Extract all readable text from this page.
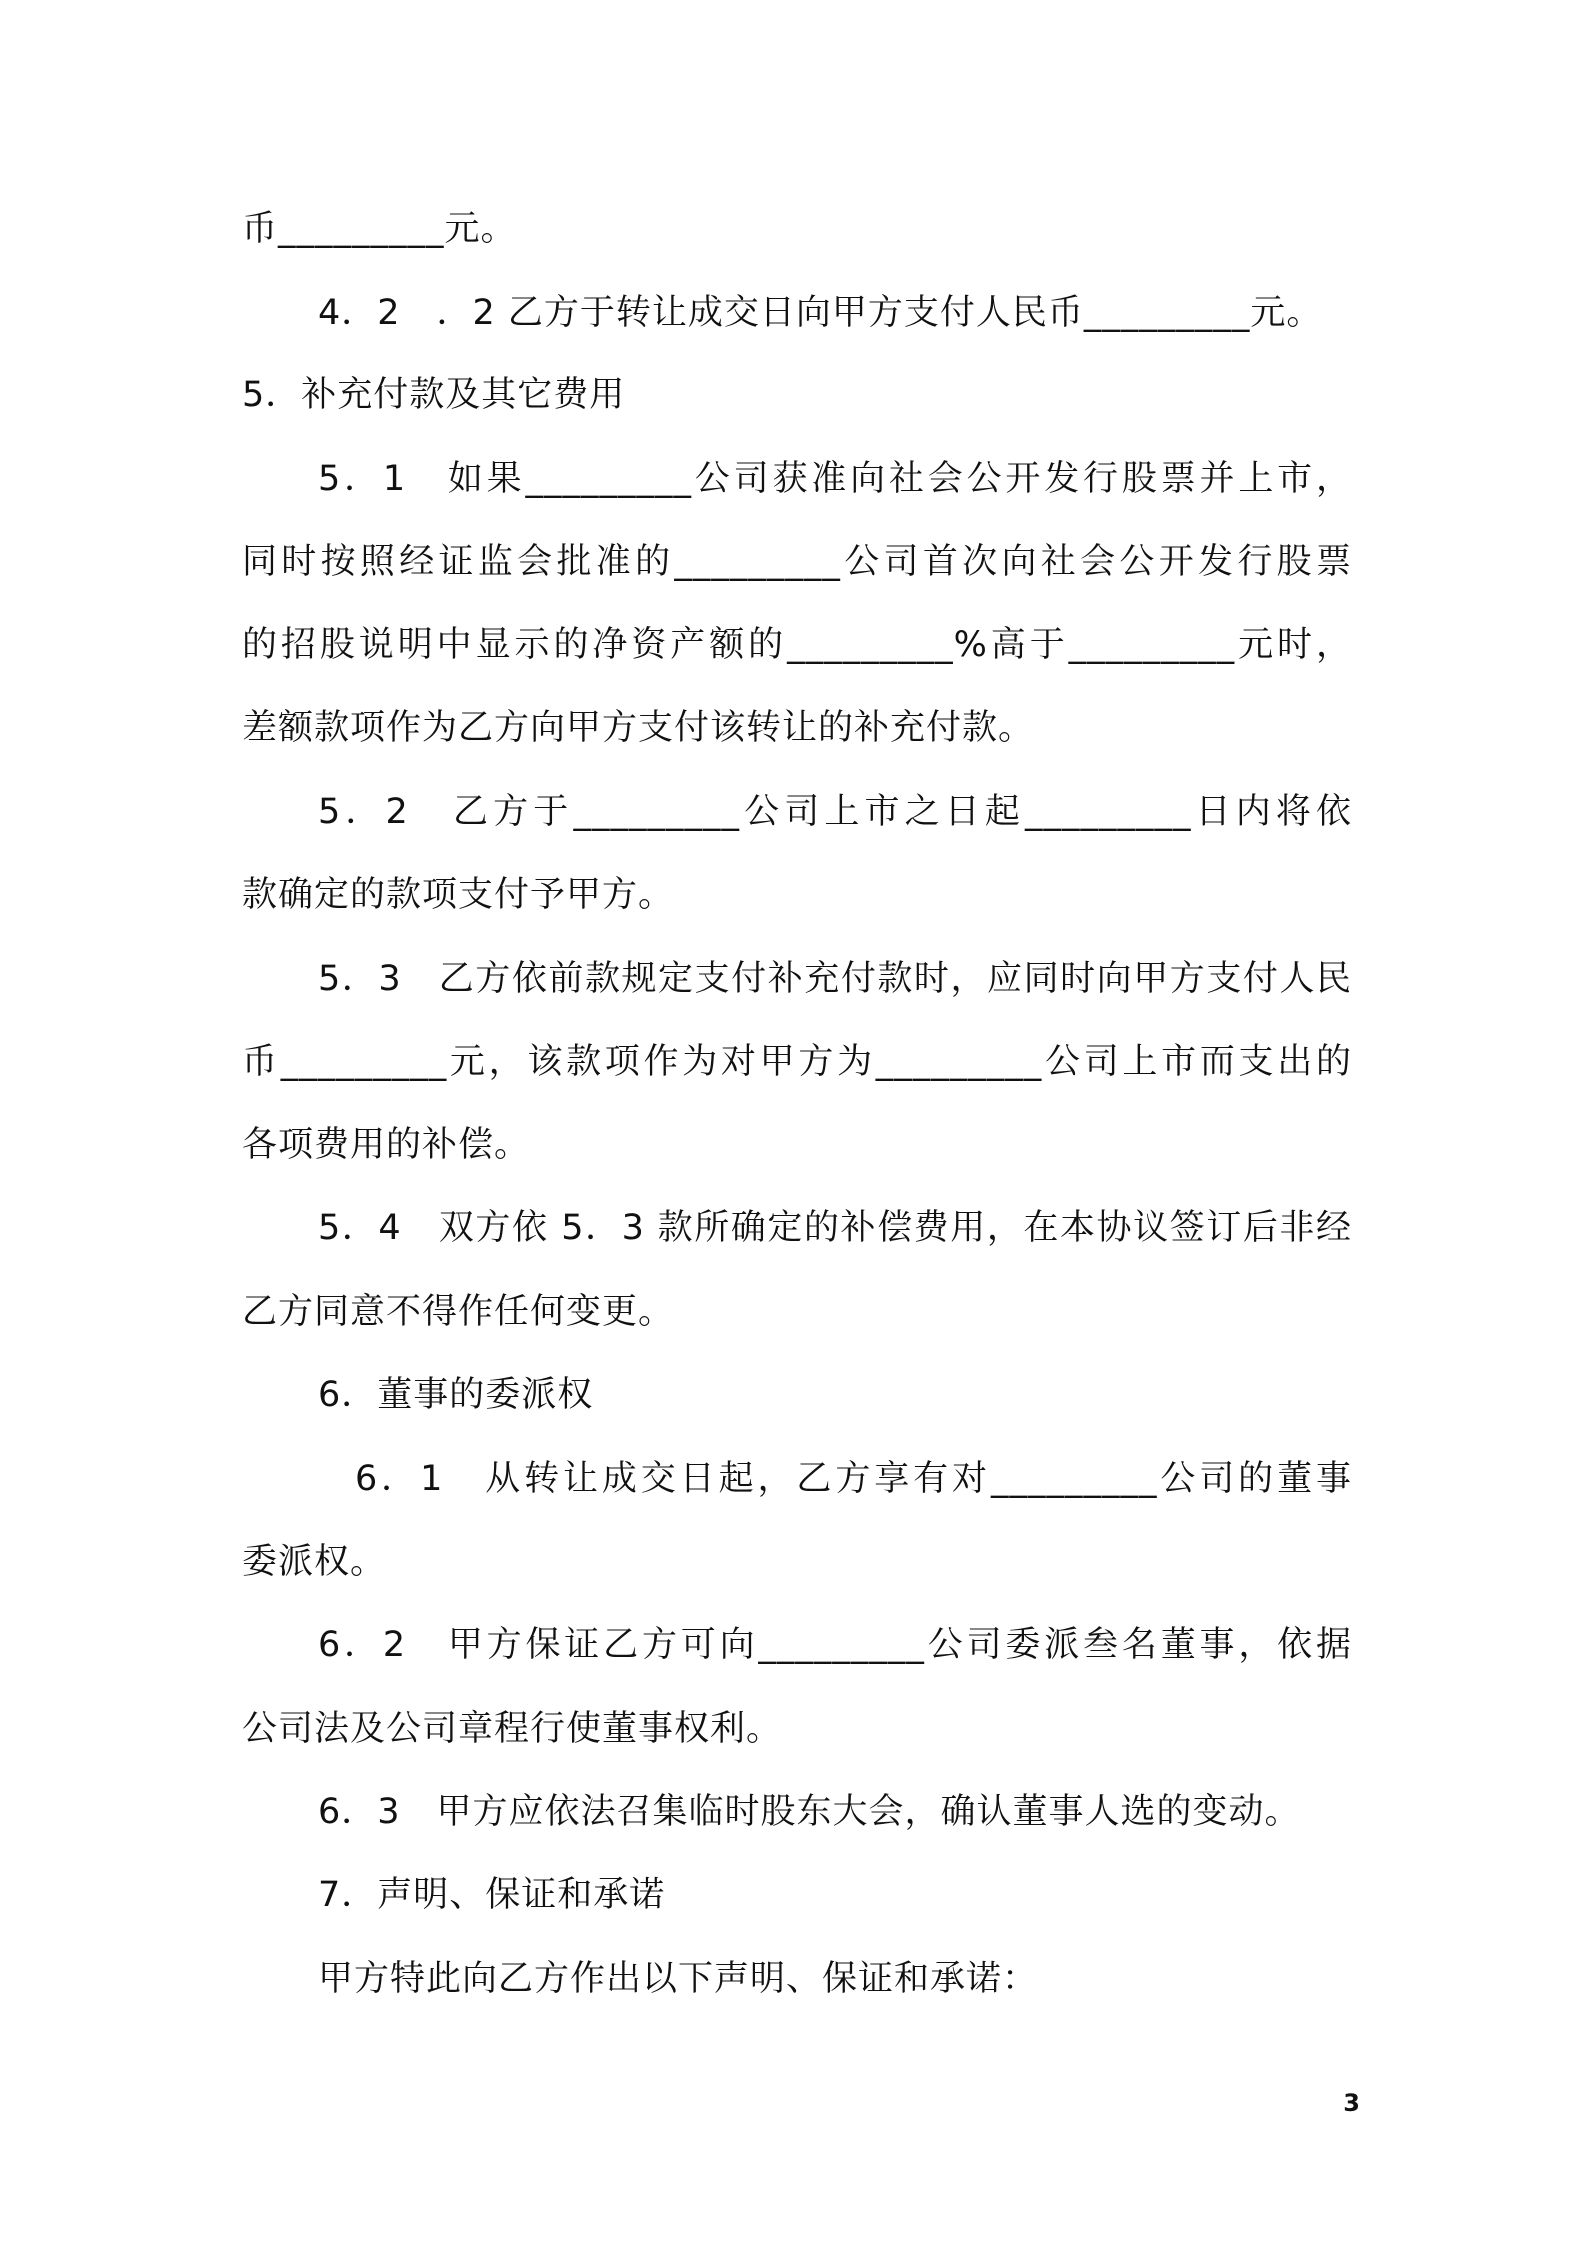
币_________元。
4．2　．2 乙方于转让成交日向甲方支付人民币_________元。
5．补充付款及其它费用
5．1　如果_________公司获准向社会公开发行股票并上市，
同时按照经证监会批准的_________公司首次向社会公开发行股票
的招股说明中显示的净资产额的_________%高于_________元时，
差额款项作为乙方向甲方支付该转让的补充付款。
5．2　乙方于_________公司上市之日起_________日内将依
款确定的款项支付予甲方。
5．3　乙方依前款规定支付补充付款时，应同时向甲方支付人民
币_________元，该款项作为对甲方为_________公司上市而支出的
各项费用的补偿。
5．4　双方依 5．3 款所确定的补偿费用，在本协议签订后非经
乙方同意不得作任何变更。
6．董事的委派权
6．1　从转让成交日起，乙方享有对_________公司的董事
委派权。
6．2　甲方保证乙方可向_________公司委派叁名董事，依据
公司法及公司章程行使董事权利。
6．3　甲方应依法召集临时股东大会，确认董事人选的变动。
7．声明、保证和承诺
甲方特此向乙方作出以下声明、保证和承诺：
3
